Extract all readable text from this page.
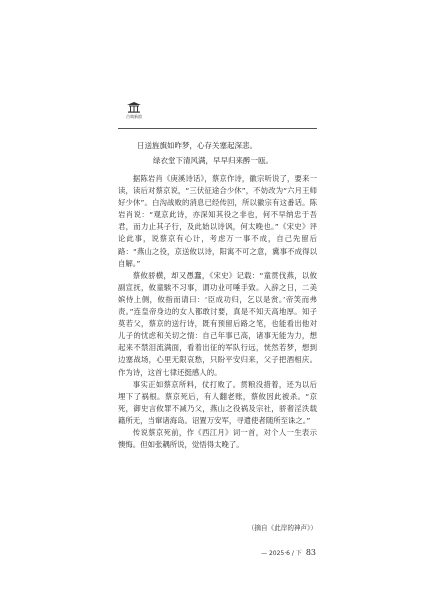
古典新韵
日送旌旗如昨梦，心存关塞起深悲。
绿衣堂下清风满，早早归来醉一瓯。

据陈岩肖《庚溪诗话》，蔡京作诗，徽宗听说了，要来一读，读后对蔡京说，“三伏征途合少休”，不妨改为“六月王师好少休”。白沟战败的消息已经传回，所以徽宗有这番话。陈岩肖说：“观京此诗，亦深知其役之非也，何不早纳忠于吾君，而力止其子行，及此始以诗讽，何太晚也。”《宋史》评论此事，说蔡京有心计，考虑万一事不成，自己先留后路：“燕山之役，京送攸以诗，阳寓不可之意，冀事不成得以自解。”

蔡攸骄横，却又愚蠢，《宋史》记载：“童贯伐燕，以攸副宣抚，攸童騃不习事，谓功业可唾手致。入辞之日，二美嫔侍上侧，攸指而请曰：‘臣成功归，乞以是赏。’帝笑而弗责。”连皇帝身边的女人都敢讨要，真是不知天高地厚。知子莫若父，蔡京的送行诗，既有预留后路之笔，也能看出他对儿子的忧虑和关切之情：自己年事已高，诸事无能为力，想起来不禁泪流满面，看着出征的军队行远，恍然若梦，想到边塞战场，心里无限哀愁，只盼平安归来，父子把酒相庆。作为诗，这首七律还挺感人的。

事实正如蔡京所料，仗打败了。贯粮没措着，还为以后埋下了祸根。蔡京死后，有人翻老账，蔡攸因此被杀。“京死，御史言攸罪不减乃父，燕山之役祸及宗社，骄奢淫泆载籍所无，当窜诸海岛。诏置万安军，寻遣使者随所至诛之。”

传说蔡京死前，作《西江月》词一首，对个人一生表示懊悔。但如张耦所说，觉悟得太晚了。

（摘自《此岸的神声》）
— 2025·6 / 下 83
